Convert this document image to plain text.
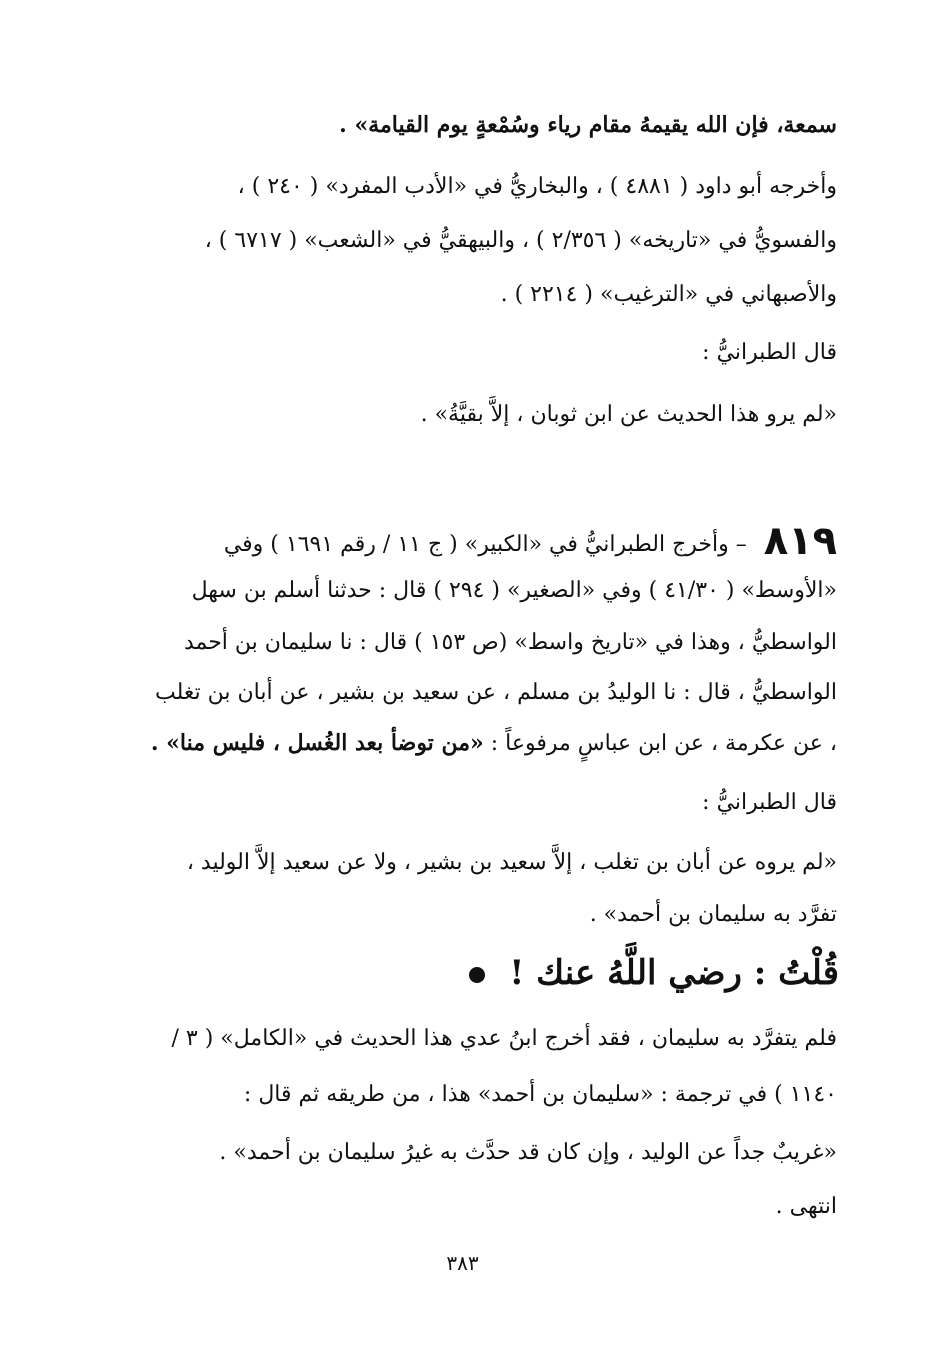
سمعة، فإن الله يقيمهُ مقام رياء وسُمْعةٍ يوم القيامة» .
وأخرجه أبو داود ( ٤٨٨١ ) ، والبخاريُّ في «الأدب المفرد» ( ٢٤٠ ) ،
والفسويُّ في «تاريخه» ( ٢/٣٥٦ ) ، والبيهقيُّ في «الشعب» ( ٦٧١٧ ) ،
والأصبهاني في «الترغيب» ( ٢٢١٤ ) .
قال الطبرانيُّ :
«لم يرو هذا الحديث عن ابن ثوبان ، إلاَّ بقيَّةُ» .
٨١٩ – وأخرج الطبرانيُّ في «الكبير» ( ج ١١ / رقم ١٦٩١ ) وفي
«الأوسط» ( ٤١/٣٠ ) وفي «الصغير» ( ٢٩٤ ) قال : حدثنا أسلم بن سهل
الواسطيُّ ، وهذا في «تاريخ واسط» (ص ١٥٣ ) قال : نا سليمان بن أحمد
الواسطيُّ ، قال : نا الوليدُ بن مسلم ، عن سعيد بن بشير ، عن أبان بن تغلب
، عن عكرمة ، عن ابن عباسٍ مرفوعاً : «من توضأ بعد الغُسل ، فليس منا» .
قال الطبرانيُّ :
«لم يروه عن أبان بن تغلب ، إلاَّ سعيد بن بشير ، ولا عن سعيد إلاَّ الوليد ،
تفرَّد به سليمان بن أحمد» .
قُلْتُ : رضي اللَّهُ عنك !
فلم يتفرَّد به سليمان ، فقد أخرج ابنُ عدي هذا الحديث في «الكامل» ( ٣ /
١١٤٠ ) في ترجمة : «سليمان بن أحمد» هذا ، من طريقه ثم قال :
«غريبٌ جداً عن الوليد ، وإن كان قد حدَّث به غيرُ سليمان بن أحمد» .
انتهى .
٣٨٣
